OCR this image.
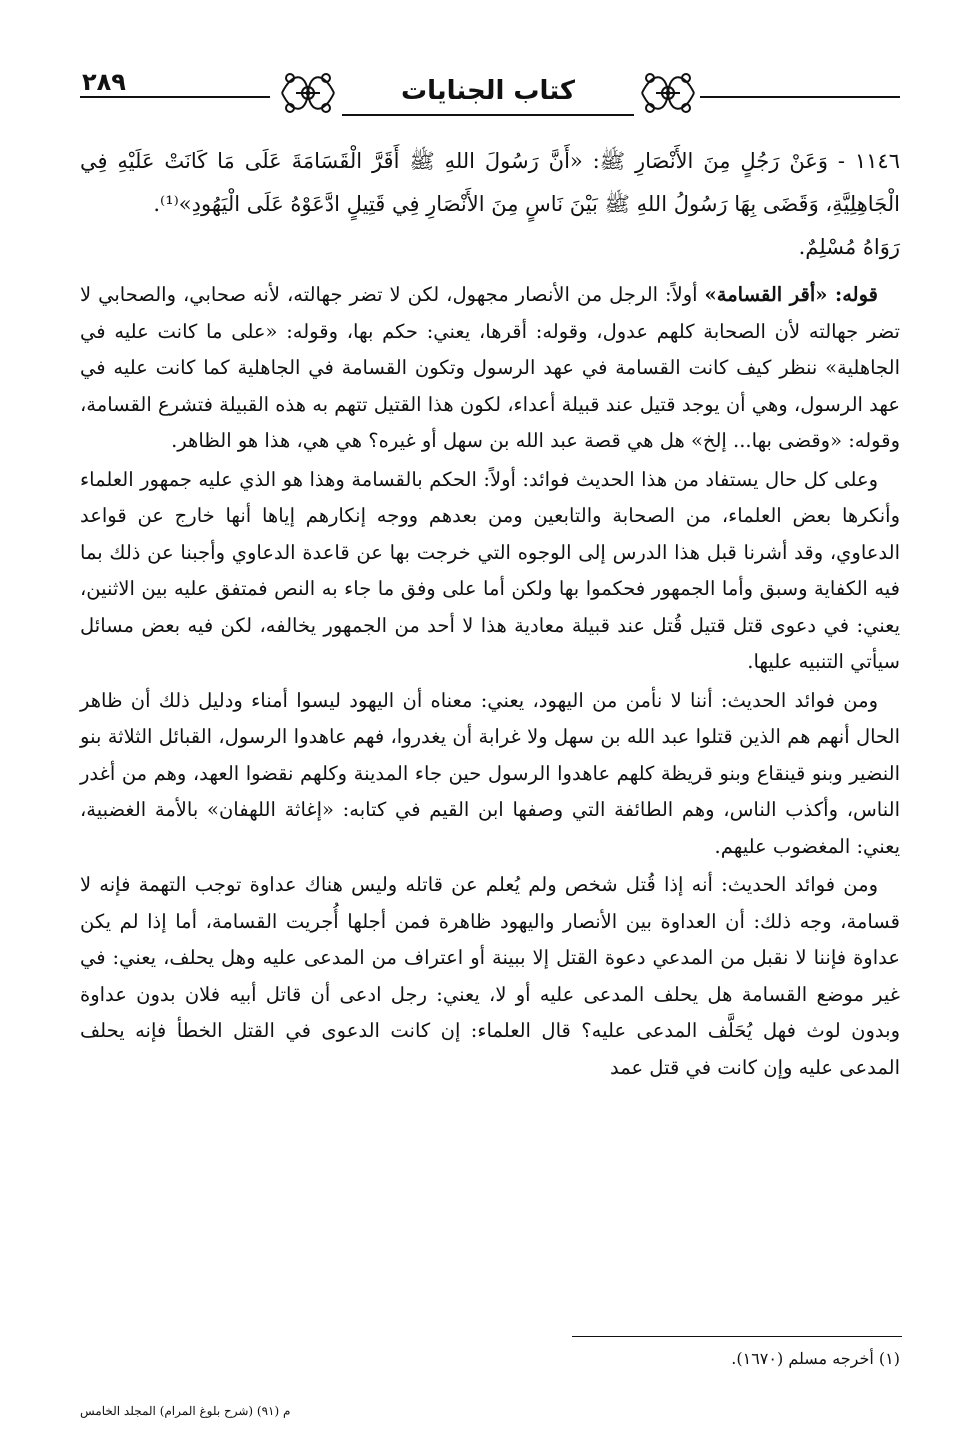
٢٨٩	كتاب الجنايات

١١٤٦ - وَعَنْ رَجُلٍ مِنَ الأَنْصَارِ ﷺ: «أَنَّ رَسُولَ اللهِ ﷺ أَقَرَّ الْقَسَامَةَ عَلَى مَا كَانَتْ عَلَيْهِ فِي الْجَاهِلِيَّةِ، وَقَضَى بِهَا رَسُولُ اللهِ ﷺ بَيْنَ نَاسٍ مِنَ الأَنْصَارِ فِي قَتِيلٍ ادَّعَوْهُ عَلَى الْيَهُودِ»⁽¹⁾.
رَوَاهُ مُسْلِمٌ.

قوله: «أقر القسامة» أولاً: الرجل من الأنصار مجهول، لكن لا تضر جهالته، لأنه صحابي، والصحابي لا تضر جهالته لأن الصحابة كلهم عدول، وقوله: أقرها، يعني: حكم بها، وقوله: «على ما كانت عليه في الجاهلية» ننظر كيف كانت القسامة في عهد الرسول وتكون القسامة في الجاهلية كما كانت عليه في عهد الرسول، وهي أن يوجد قتيل عند قبيلة أعداء، لكون هذا القتيل تتهم به هذه القبيلة فتشرع القسامة، وقوله: «وقضى بها... إلخ» هل هي قصة عبد الله بن سهل أو غيره؟ هي هي، هذا هو الظاهر.

وعلى كل حال يستفاد من هذا الحديث فوائد: أولاً: الحكم بالقسامة وهذا هو الذي عليه جمهور العلماء وأنكرها بعض العلماء، من الصحابة والتابعين ومن بعدهم ووجه إنكارهم إياها أنها خارج عن قواعد الدعاوي، وقد أشرنا قبل هذا الدرس إلى الوجوه التي خرجت بها عن قاعدة الدعاوي وأجبنا عن ذلك بما فيه الكفاية وسبق وأما الجمهور فحكموا بها ولكن أما على وفق ما جاء به النص فمتفق عليه بين الاثنين، يعني: في دعوى قتل قتيل قُتل عند قبيلة معادية هذا لا أحد من الجمهور يخالفه، لكن فيه بعض مسائل سيأتي التنبيه عليها.

ومن فوائد الحديث: أننا لا نأمن من اليهود، يعني: معناه أن اليهود ليسوا أمناء ودليل ذلك أن ظاهر الحال أنهم هم الذين قتلوا عبد الله بن سهل ولا غرابة أن يغدروا، فهم عاهدوا الرسول، القبائل الثلاثة بنو النضير وبنو قينقاع وبنو قريظة كلهم عاهدوا الرسول حين جاء المدينة وكلهم نقضوا العهد، وهم من أغدر الناس، وأكذب الناس، وهم الطائفة التي وصفها ابن القيم في كتابه: «إغاثة اللهفان» بالأمة الغضبية، يعني: المغضوب عليهم.

ومن فوائد الحديث: أنه إذا قُتل شخص ولم يُعلم عن قاتله وليس هناك عداوة توجب التهمة فإنه لا قسامة، وجه ذلك: أن العداوة بين الأنصار واليهود ظاهرة فمن أجلها أُجريت القسامة، أما إذا لم يكن عداوة فإننا لا نقبل من المدعي دعوة القتل إلا ببينة أو اعتراف من المدعى عليه وهل يحلف، يعني: في غير موضع القسامة هل يحلف المدعى عليه أو لا، يعني: رجل ادعى أن قاتل أبيه فلان بدون عداوة وبدون لوث فهل يُحَلَّف المدعى عليه؟ قال العلماء: إن كانت الدعوى في القتل الخطأ فإنه يحلف المدعى عليه وإن كانت في قتل عمد

(١) أخرجه مسلم (١٦٧٠).
م (٩١) (شرح بلوغ المرام) المجلد الخامس
